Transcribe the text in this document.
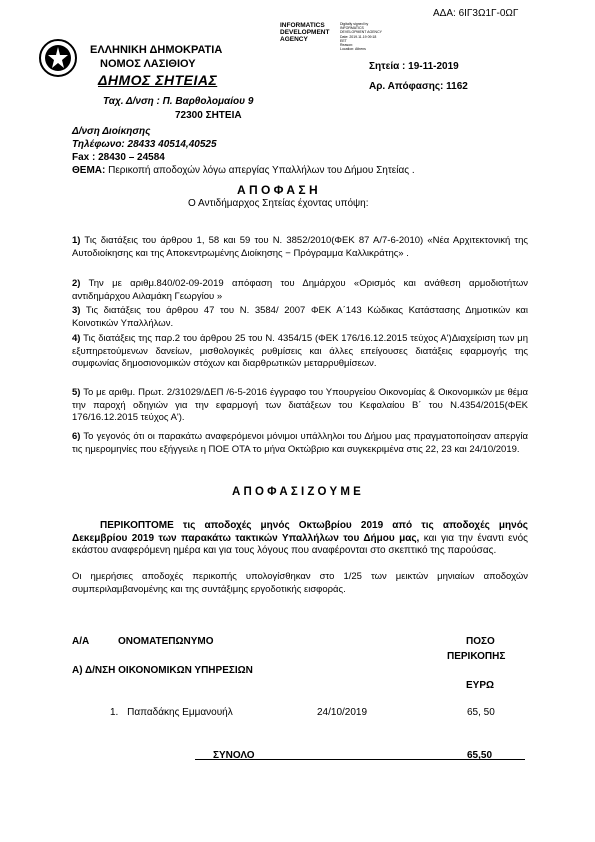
ΑΔΑ: 6ΙΓ3Ω1Γ-0ΩΓ
INFORMATICS
DEVELOPMENT
AGENCY
Digitally signed by
INFORMATICS
DEVELOPMENT AGENCY
Date: 2019.11.19 09:18
EET
Reason:
Location: Athens
ΕΛΛΗΝΙΚΗ ΔΗΜΟΚΡΑΤΙΑ
ΝΟΜΟΣ ΛΑΣΙΘΙΟΥ
ΔΗΜΟΣ ΣΗΤΕΙΑΣ
Σητεία : 19-11-2019
Αρ. Απόφασης: 1162
Ταχ. Δ/νση : Π. Βαρθολομαίου 9
72300 ΣΗΤΕΙΑ
Δ/νση Διοίκησης
Τηλέφωνο: 28433 40514,40525
Fax : 28430 – 24584
ΘΕΜΑ: Περικοπή αποδοχών λόγω απεργίας Υπαλλήλων του Δήμου Σητείας .
Α Π Ο Φ Α Σ Η
Ο Αντιδήμαρχος Σητείας έχοντας υπόψη:
1) Τις διατάξεις του άρθρου 1, 58 και 59 του Ν. 3852/2010(ΦΕΚ 87 Α/7-6-2010) «Νέα Αρχιτεκτονική της Αυτοδιοίκησης και της Αποκεντρωμένης Διοίκησης − Πρόγραμμα Καλλικράτης» .
2) Την με αριθμ.840/02-09-2019 απόφαση του Δημάρχου «Ορισμός και ανάθεση αρμοδιοτήτων αντιδημάρχου Αιλαμάκη Γεωργίου »
3) Τις διατάξεις του άρθρου 47 του Ν. 3584/ 2007 ΦΕΚ Α΄143 Κώδικας Κατάστασης Δημοτικών και Κοινοτικών Υπαλλήλων.
4) Τις διατάξεις της παρ.2 του άρθρου 25 του Ν. 4354/15 (ΦΕΚ 176/16.12.2015 τεύχος Α')Διαχείριση των μη εξυπηρετούμενων δανείων, μισθολογικές ρυθμίσεις και άλλες επείγουσες διατάξεις εφαρμογής της συμφωνίας δημοσιονομικών στόχων και διαρθρωτικών μεταρρυθμίσεων.
5) Το με αριθμ. Πρωτ. 2/31029/ΔΕΠ /6-5-2016 έγγραφο του Υπουργείου Οικονομίας & Οικονομικών με θέμα την παροχή οδηγιών για την εφαρμογή των διατάξεων του Κεφαλαίου Β΄ του Ν.4354/2015(ΦΕΚ 176/16.12.2015 τεύχος Α').
6) Το γεγονός ότι οι παρακάτω αναφερόμενοι μόνιμοι υπάλληλοι του Δήμου μας πραγματοποίησαν απεργία τις ημερομηνίες που εξήγγειλε η ΠΟΕ ΟΤΑ το μήνα Οκτώβριο και συγκεκριμένα στις 22, 23 και 24/10/2019.
Α Π Ο Φ Α Σ Ι Ζ Ο Υ Μ Ε
ΠΕΡΙΚΟΠΤΟΜΕ τις αποδοχές μηνός Οκτωβρίου 2019 από τις αποδοχές μηνός Δεκεμβρίου 2019 των παρακάτω τακτικών Υπαλλήλων του Δήμου μας, και για την έναντι ενός εκάστου αναφερόμενη ημέρα και για τους λόγους που αναφέρονται στο σκεπτικό της παρούσας.
Οι ημερήσιες αποδοχές περικοπής υπολογίσθηκαν στο 1/25 των μεικτών μηνιαίων αποδοχών συμπεριλαμβανομένης και της συντάξιμης εργοδοτικής εισφοράς.
Α/Α	ΟΝΟΜΑΤΕΠΩΝΥΜΟ	ΠΟΣΟ
ΠΕΡΙΚΟΠΗΣ
Α) Δ/ΝΣΗ ΟΙΚΟΝΟΜΙΚΩΝ ΥΠΗΡΕΣΙΩΝ
ΕΥΡΩ
1. Παπαδάκης Εμμανουήλ	24/10/2019	65, 50
ΣΥΝΟΛΟ	65,50
